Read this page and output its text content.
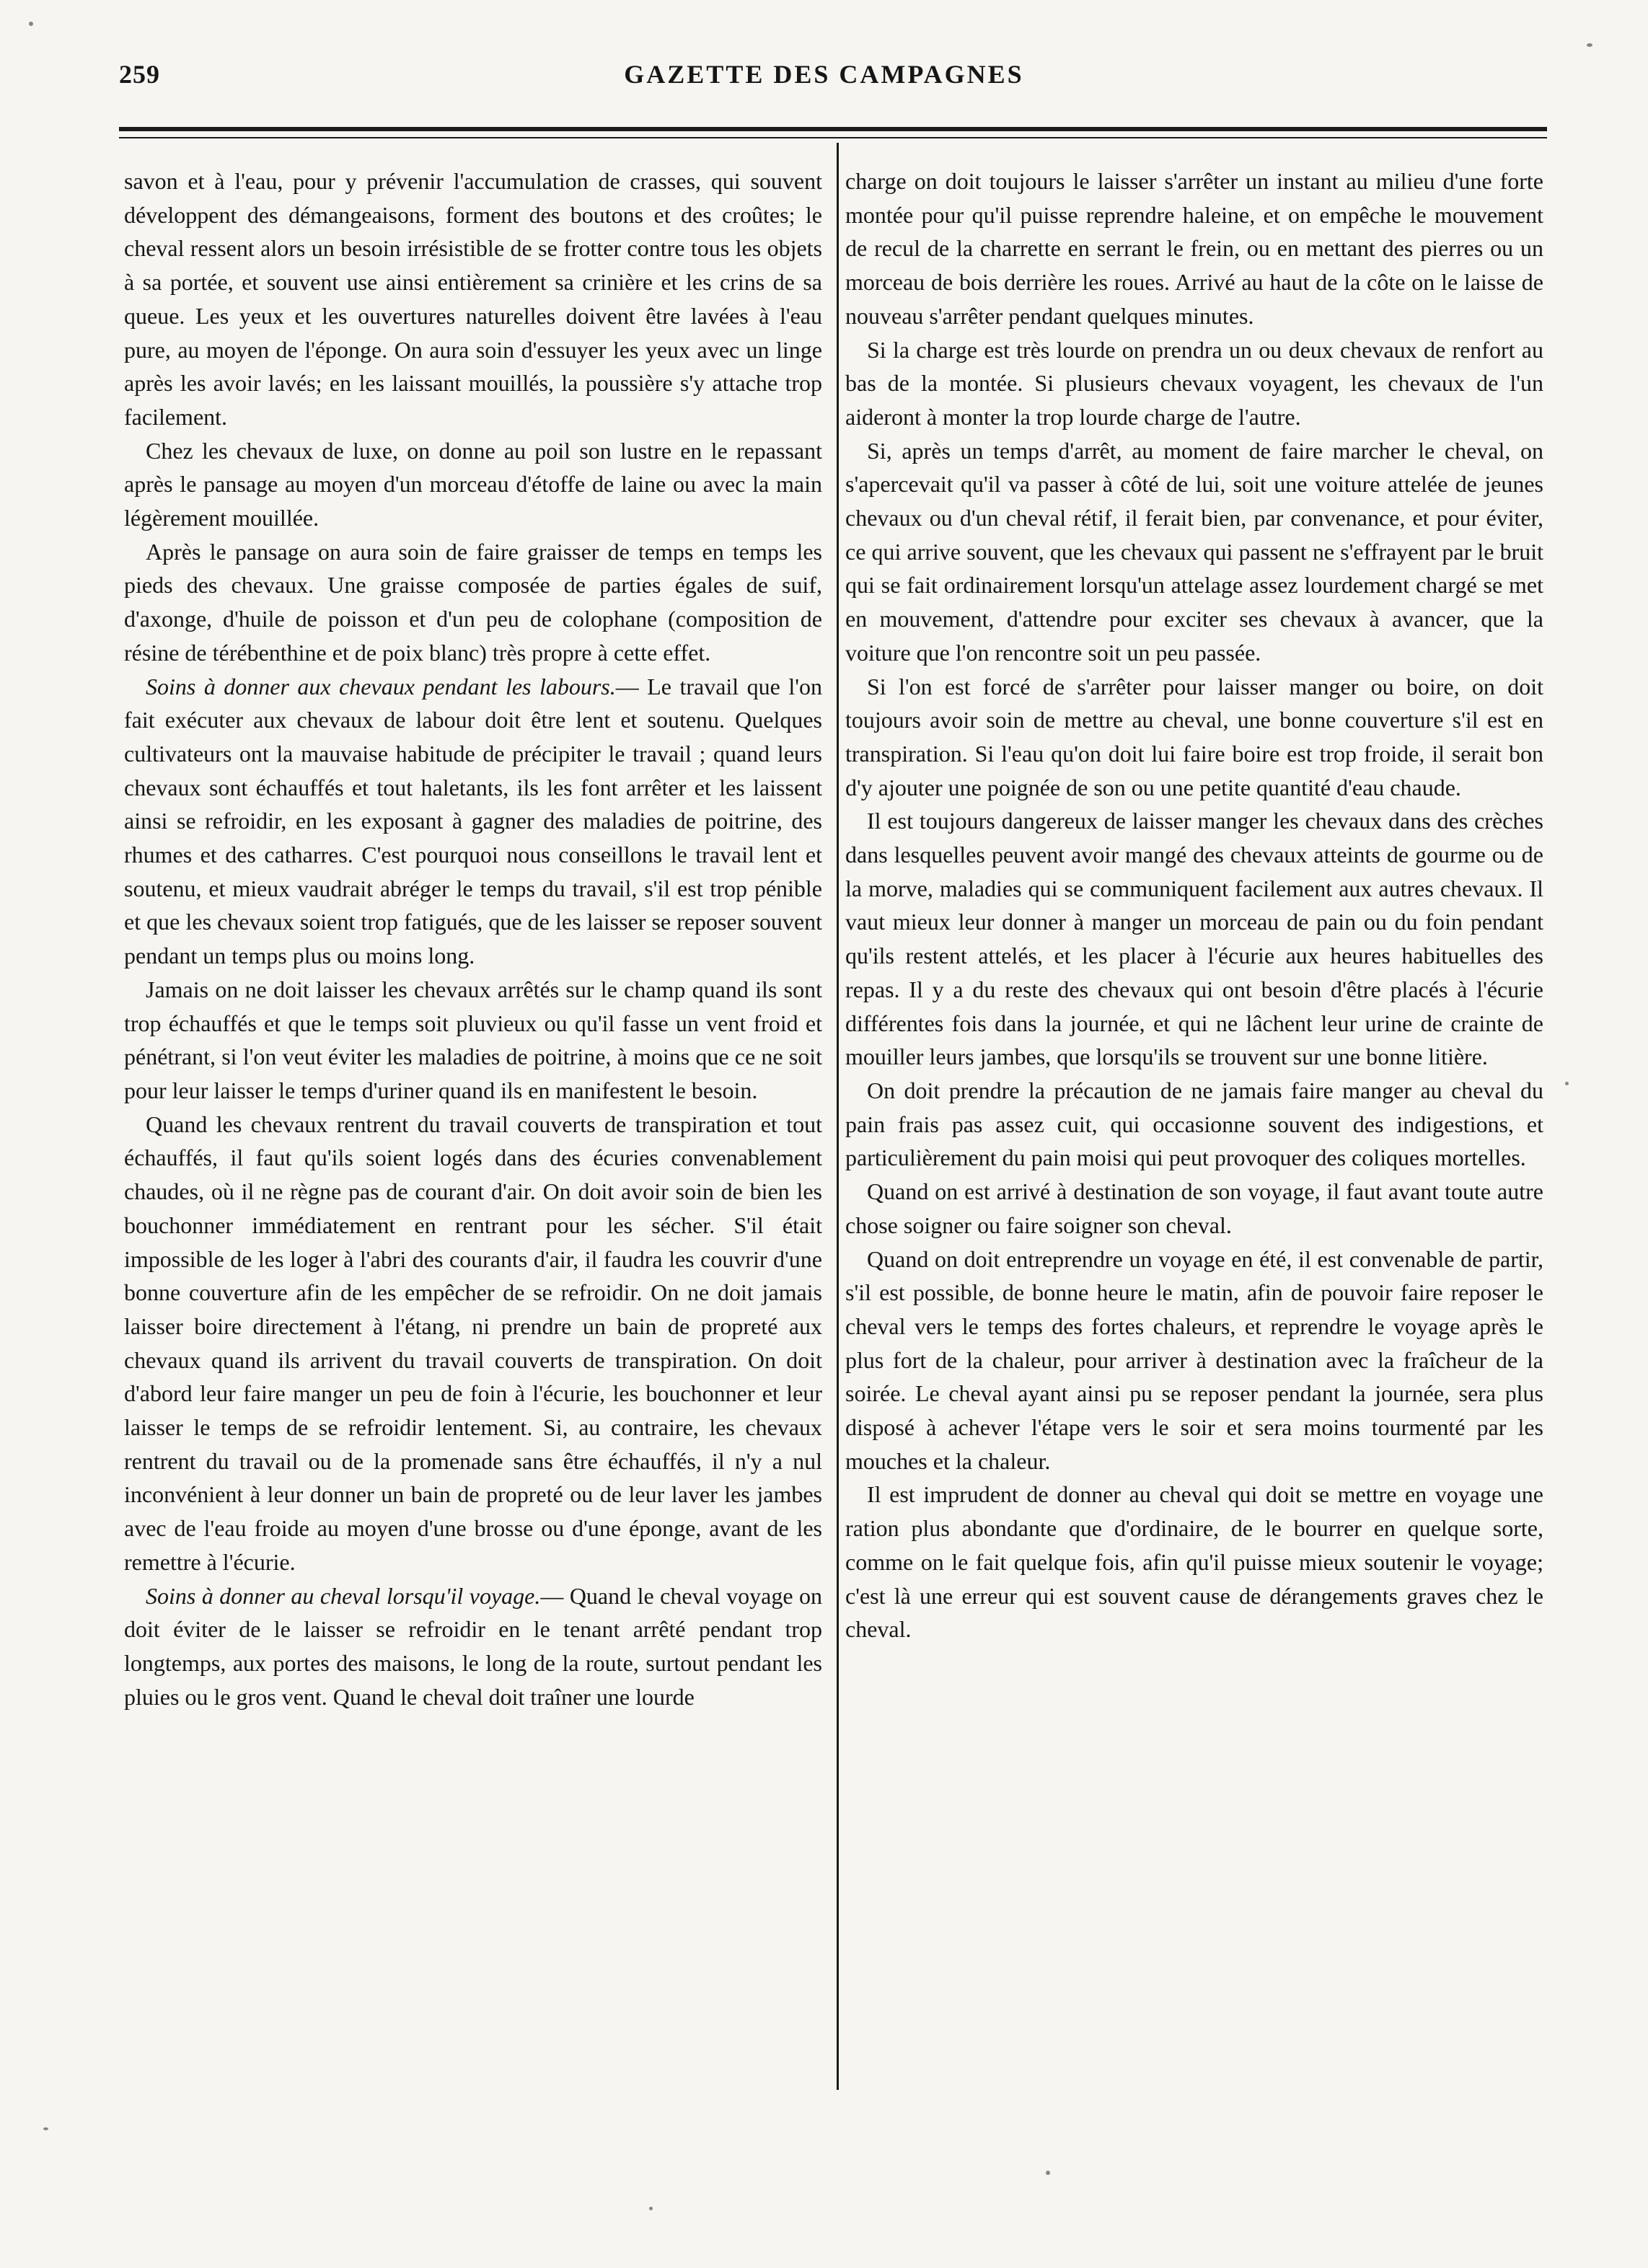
259	GAZETTE DES CAMPAGNES

savon et à l'eau, pour y prévenir l'accumulation de crasses, qui souvent développent des démangeaisons, forment des boutons et des croûtes; le cheval ressent alors un besoin irrésistible de se frotter contre tous les objets à sa portée, et souvent use ainsi entièrement sa crinière et les crins de sa queue. Les yeux et les ouvertures naturelles doivent être lavées à l'eau pure, au moyen de l'éponge. On aura soin d'essuyer les yeux avec un linge après les avoir lavés; en les laissant mouillés, la poussière s'y attache trop facilement.

Chez les chevaux de luxe, on donne au poil son lustre en le repassant après le pansage au moyen d'un morceau d'étoffe de laine ou avec la main légèrement mouillée.

Après le pansage on aura soin de faire graisser de temps en temps les pieds des chevaux. Une graisse composée de parties égales de suif, d'axonge, d'huile de poisson et d'un peu de colophane (composition de résine de térébenthine et de poix blanc) très propre à cette effet.

Soins à donner aux chevaux pendant les labours.— Le travail que l'on fait exécuter aux chevaux de labour doit être lent et soutenu. Quelques cultivateurs ont la mauvaise habitude de précipiter le travail ; quand leurs chevaux sont échauffés et tout haletants, ils les font arrêter et les laissent ainsi se refroidir, en les exposant à gagner des maladies de poitrine, des rhumes et des catharres. C'est pourquoi nous conseillons le travail lent et soutenu, et mieux vaudrait abréger le temps du travail, s'il est trop pénible et que les chevaux soient trop fatigués, que de les laisser se reposer souvent pendant un temps plus ou moins long.

Jamais on ne doit laisser les chevaux arrêtés sur le champ quand ils sont trop échauffés et que le temps soit pluvieux ou qu'il fasse un vent froid et pénétrant, si l'on veut éviter les maladies de poitrine, à moins que ce ne soit pour leur laisser le temps d'uriner quand ils en manifestent le besoin.

Quand les chevaux rentrent du travail couverts de transpiration et tout échauffés, il faut qu'ils soient logés dans des écuries convenablement chaudes, où il ne règne pas de courant d'air. On doit avoir soin de bien les bouchonner immédiatement en rentrant pour les sécher. S'il était impossible de les loger à l'abri des courants d'air, il faudra les couvrir d'une bonne couverture afin de les empêcher de se refroidir. On ne doit jamais laisser boire directement à l'étang, ni prendre un bain de propreté aux chevaux quand ils arrivent du travail couverts de transpiration. On doit d'abord leur faire manger un peu de foin à l'écurie, les bouchonner et leur laisser le temps de se refroidir lentement. Si, au contraire, les chevaux rentrent du travail ou de la promenade sans être échauffés, il n'y a nul inconvénient à leur donner un bain de propreté ou de leur laver les jambes avec de l'eau froide au moyen d'une brosse ou d'une éponge, avant de les remettre à l'écurie.

Soins à donner au cheval lorsqu'il voyage.— Quand le cheval voyage on doit éviter de le laisser se refroidir en le tenant arrêté pendant trop longtemps, aux portes des maisons, le long de la route, surtout pendant les pluies ou le gros vent. Quand le cheval doit traîner une lourde

charge on doit toujours le laisser s'arrêter un instant au milieu d'une forte montée pour qu'il puisse reprendre haleine, et on empêche le mouvement de recul de la charrette en serrant le frein, ou en mettant des pierres ou un morceau de bois derrière les roues. Arrivé au haut de la côte on le laisse de nouveau s'arrêter pendant quelques minutes.

Si la charge est très lourde on prendra un ou deux chevaux de renfort au bas de la montée. Si plusieurs chevaux voyagent, les chevaux de l'un aideront à monter la trop lourde charge de l'autre.

Si, après un temps d'arrêt, au moment de faire marcher le cheval, on s'apercevait qu'il va passer à côté de lui, soit une voiture attelée de jeunes chevaux ou d'un cheval rétif, il ferait bien, par convenance, et pour éviter, ce qui arrive souvent, que les chevaux qui passent ne s'effrayent par le bruit qui se fait ordinairement lorsqu'un attelage assez lourdement chargé se met en mouvement, d'attendre pour exciter ses chevaux à avancer, que la voiture que l'on rencontre soit un peu passée.

Si l'on est forcé de s'arrêter pour laisser manger ou boire, on doit toujours avoir soin de mettre au cheval, une bonne couverture s'il est en transpiration. Si l'eau qu'on doit lui faire boire est trop froide, il serait bon d'y ajouter une poignée de son ou une petite quantité d'eau chaude.

Il est toujours dangereux de laisser manger les chevaux dans des crèches dans lesquelles peuvent avoir mangé des chevaux atteints de gourme ou de la morve, maladies qui se communiquent facilement aux autres chevaux. Il vaut mieux leur donner à manger un morceau de pain ou du foin pendant qu'ils restent attelés, et les placer à l'écurie aux heures habituelles des repas. Il y a du reste des chevaux qui ont besoin d'être placés à l'écurie différentes fois dans la journée, et qui ne lâchent leur urine de crainte de mouiller leurs jambes, que lorsqu'ils se trouvent sur une bonne litière.

On doit prendre la précaution de ne jamais faire manger au cheval du pain frais pas assez cuit, qui occasionne souvent des indigestions, et particulièrement du pain moisi qui peut provoquer des coliques mortelles.

Quand on est arrivé à destination de son voyage, il faut avant toute autre chose soigner ou faire soigner son cheval.

Quand on doit entreprendre un voyage en été, il est convenable de partir, s'il est possible, de bonne heure le matin, afin de pouvoir faire reposer le cheval vers le temps des fortes chaleurs, et reprendre le voyage après le plus fort de la chaleur, pour arriver à destination avec la fraîcheur de la soirée. Le cheval ayant ainsi pu se reposer pendant la journée, sera plus disposé à achever l'étape vers le soir et sera moins tourmenté par les mouches et la chaleur.

Il est imprudent de donner au cheval qui doit se mettre en voyage une ration plus abondante que d'ordinaire, de le bourrer en quelque sorte, comme on le fait quelque fois, afin qu'il puisse mieux soutenir le voyage; c'est là une erreur qui est souvent cause de dérangements graves chez le cheval.
